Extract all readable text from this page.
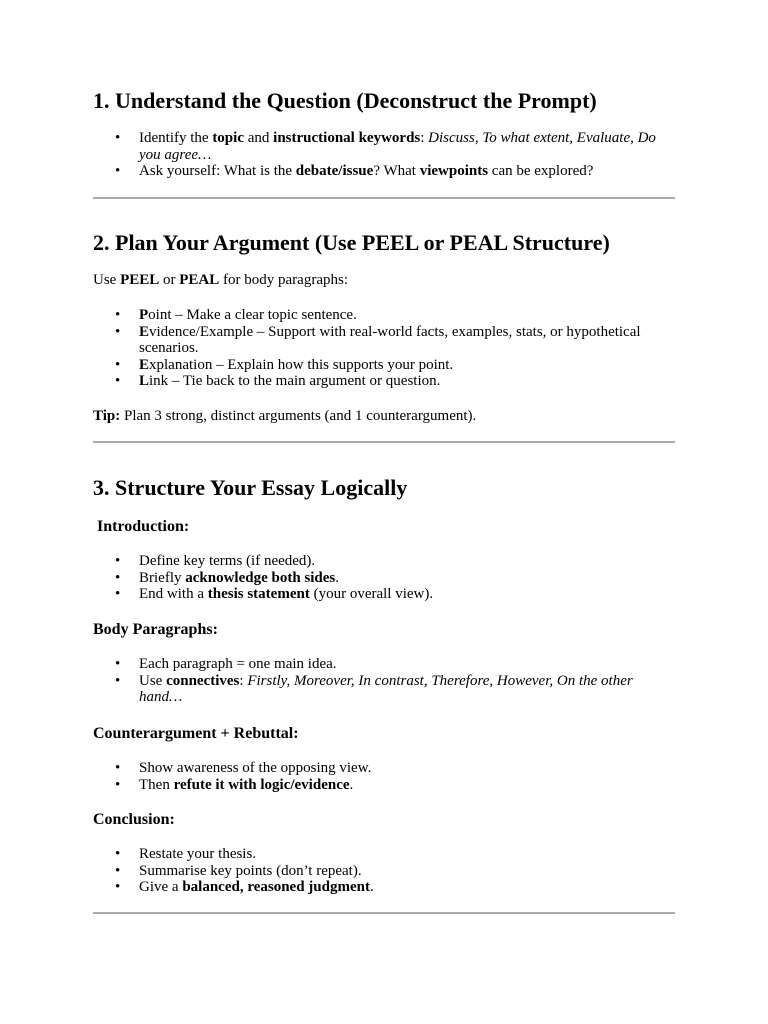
1. Understand the Question (Deconstruct the Prompt)
• Identify the topic and instructional keywords: Discuss, To what extent, Evaluate, Do you agree…
• Ask yourself: What is the debate/issue? What viewpoints can be explored?
2. Plan Your Argument (Use PEEL or PEAL Structure)

Use PEEL or PEAL for body paragraphs:

• Point – Make a clear topic sentence.
• Evidence/Example – Support with real-world facts, examples, stats, or hypothetical scenarios.
• Explanation – Explain how this supports your point.
• Link – Tie back to the main argument or question.

Tip: Plan 3 strong, distinct arguments (and 1 counterargument).

3. Structure Your Essay Logically
Introduction:
• Define key terms (if needed).
• Briefly acknowledge both sides.
• End with a thesis statement (your overall view).
Body Paragraphs:
• Each paragraph = one main idea.
• Use connectives: Firstly, Moreover, In contrast, Therefore, However, On the other hand…
Counterargument + Rebuttal:
• Show awareness of the opposing view.
• Then refute it with logic/evidence.
Conclusion:
• Restate your thesis.
• Summarise key points (don’t repeat).
• Give a balanced, reasoned judgment.
